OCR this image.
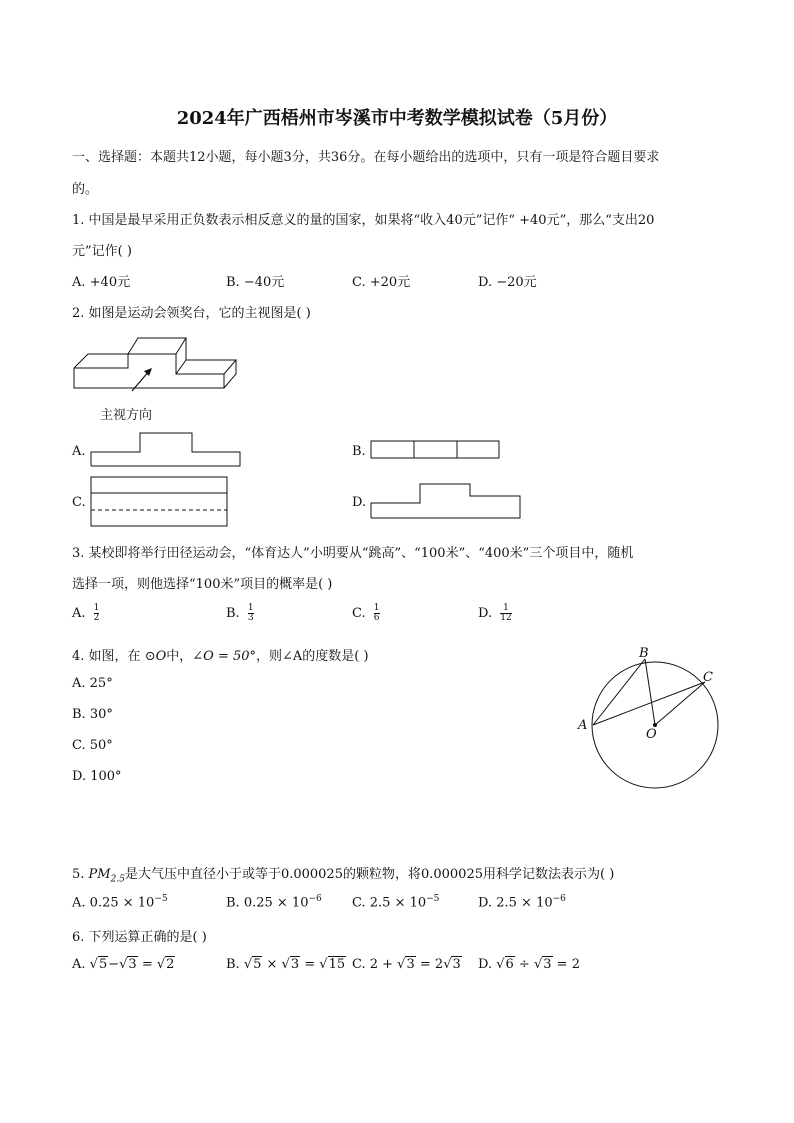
2024年广西梧州市岑溪市中考数学模拟试卷（5月份）
一、选择题：本题共12小题，每小题3分，共36分。在每小题给出的选项中，只有一项是符合题目要求
的。
1. 中国是最早采用正负数表示相反意义的量的国家，如果将“收入40元”记作“ +40元”，那么“支出20
元”记作( )
A. +40元	B. −40元	C. +20元	D. −20元
2. 如图是运动会领奖台，它的主视图是( )
主视方向
A.	B.
C.	D.
3. 某校即将举行田径运动会，“体育达人”小明要从“跳高”、“100米”、“400米”三个项目中，随机
选择一项，则他选择“100米”项目的概率是( )
A. $\frac{1}{2}$	B. $\frac{1}{3}$	C. $\frac{1}{6}$	D. $\frac{1}{12}$
4. 如图，在 ⊙O中，∠O = 50°，则∠A的度数是( )
A. 25°
B. 30°
C. 50°
D. 100°
B
C
A
O
5. $PM_{2.5}$是大气压中直径小于或等于0.000025的颗粒物，将0.000025用科学记数法表示为( )
A. $0.25 \times 10^{-5}$	B. $0.25 \times 10^{-6}$ C. $2.5 \times 10^{-5}$	D. $2.5 \times 10^{-6}$
6. 下列运算正确的是( )
A. √5−√3 = √2	B. √5 × √3 = √15 C. 2 + √3 = 2√3 D. √6 ÷ √3 = 2
